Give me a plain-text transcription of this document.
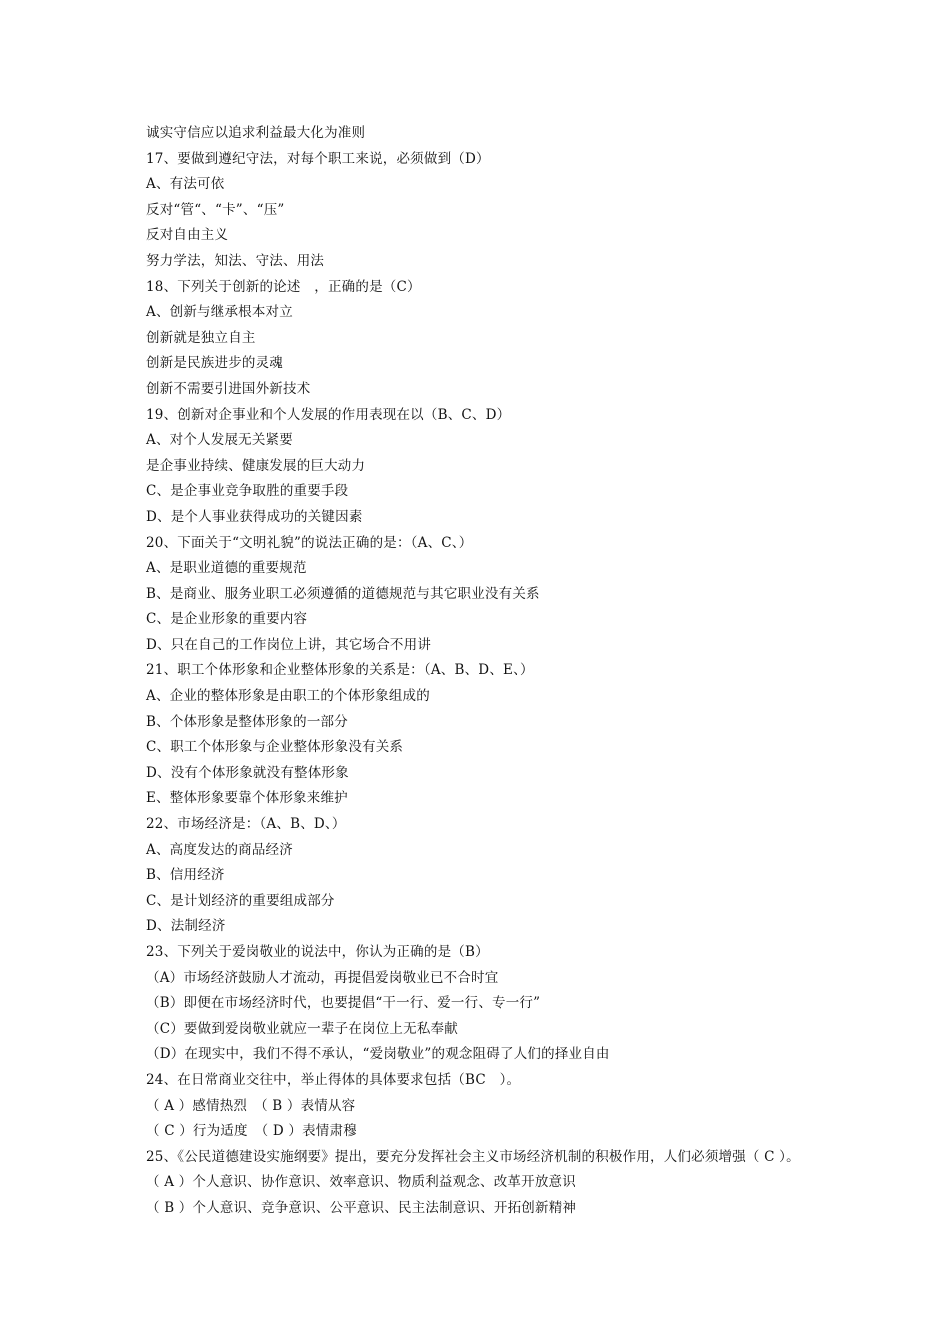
诚实守信应以追求利益最大化为准则
17、要做到遵纪守法，对每个职工来说，必须做到（D）
A、有法可依
反对“管“、“卡”、“压”
反对自由主义
努力学法，知法、守法、用法
18、下列关于创新的论述　，正确的是（C）
A、创新与继承根本对立
创新就是独立自主
创新是民族进步的灵魂
创新不需要引进国外新技术
19、创新对企事业和个人发展的作用表现在以（B、C、D）
A、对个人发展无关紧要
是企事业持续、健康发展的巨大动力
C、是企事业竞争取胜的重要手段
D、是个人事业获得成功的关键因素
20、下面关于“文明礼貌”的说法正确的是：（A、C、）
A、是职业道德的重要规范
B、是商业、服务业职工必须遵循的道德规范与其它职业没有关系
C、是企业形象的重要内容
D、只在自己的工作岗位上讲，其它场合不用讲
21、职工个体形象和企业整体形象的关系是：（A、B、D、E、）
A、企业的整体形象是由职工的个体形象组成的
B、个体形象是整体形象的一部分
C、职工个体形象与企业整体形象没有关系
D、没有个体形象就没有整体形象
E、整体形象要靠个体形象来维护
22、市场经济是：（A、B、D、）
A、高度发达的商品经济
B、信用经济
C、是计划经济的重要组成部分
D、法制经济
23、下列关于爱岗敬业的说法中，你认为正确的是（B）
（A）市场经济鼓励人才流动，再提倡爱岗敬业已不合时宜
（B）即便在市场经济时代，也要提倡“干一行、爱一行、专一行”
（C）要做到爱岗敬业就应一辈子在岗位上无私奉献
（D）在现实中，我们不得不承认，“爱岗敬业”的观念阻碍了人们的择业自由
24、在日常商业交往中，举止得体的具体要求包括（BC　）。
（ A ）感情热烈　（ B ）表情从容
（ C ）行为适度　（ D ）表情肃穆
25、《公民道德建设实施纲要》提出，要充分发挥社会主义市场经济机制的积极作用，人们必须增强（ C ）。
（ A ）个人意识、协作意识、效率意识、物质利益观念、改革开放意识
（ B ）个人意识、竞争意识、公平意识、民主法制意识、开拓创新精神
